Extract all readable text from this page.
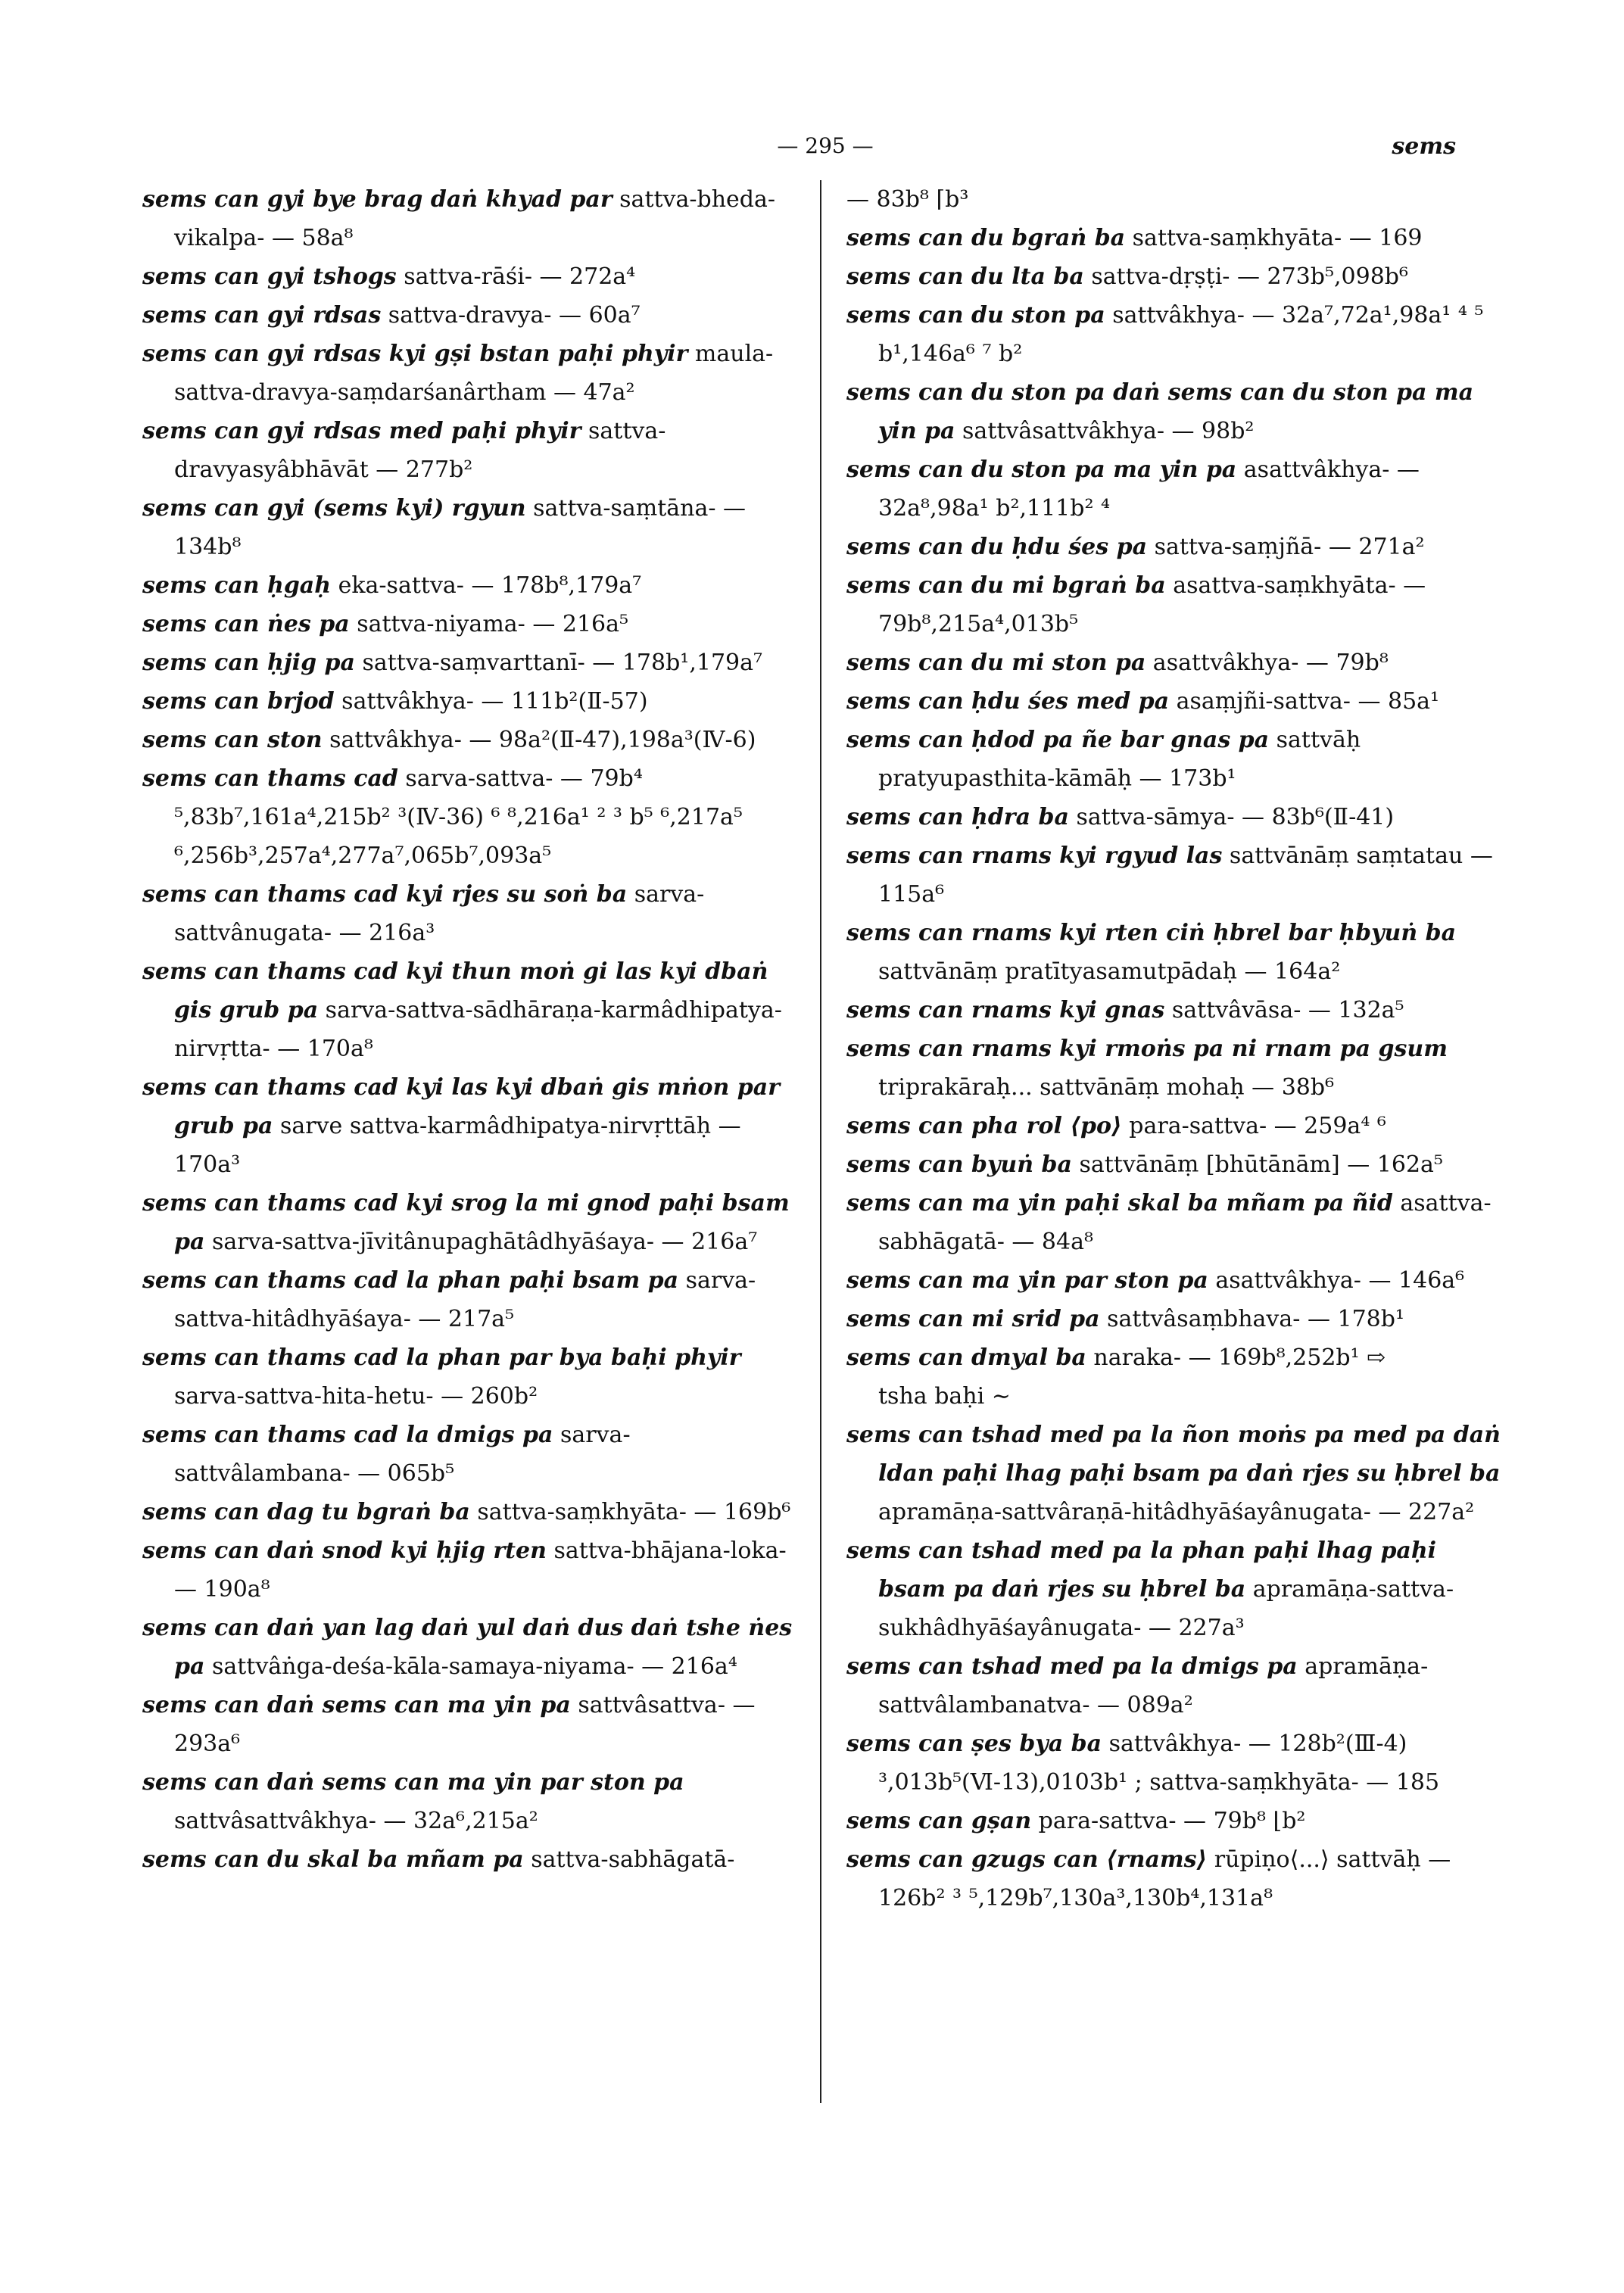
— 295 —	sems

sems can gyi bye brag daṅ khyad par sattva-bheda-vikalpa- — 58a⁸

sems can gyi tshogs sattva-rāśi- — 272a⁴

sems can gyi rdsas sattva-dravya- — 60a⁷

sems can gyi rdsas kyi gṣi bstan paḥi phyir maula-sattva-dravya-saṃdarśanârtham — 47a²

sems can gyi rdsas med paḥi phyir sattva-dravyasyâbhāvāt — 277b²

sems can gyi (sems kyi) rgyun sattva-saṃtāna- — 134b⁸

sems can ḥgaḥ eka-sattva- — 178b⁸,179a⁷

sems can ṅes pa sattva-niyama- — 216a⁵

sems can ḥjig pa sattva-saṃvarttanī- — 178b¹,179a⁷

sems can brjod sattvâkhya- — 111b²(Ⅱ-57)

sems can ston sattvâkhya- — 98a²(Ⅱ-47),198a³(Ⅳ-6)

sems can thams cad sarva-sattva- — 79b⁴ ⁵,83b⁷,161a⁴,215b² ³(Ⅳ-36) ⁶ ⁸,216a¹ ² ³ b⁵ ⁶,217a⁵ ⁶,256b³,257a⁴,277a⁷,065b⁷,093a⁵

sems can thams cad kyi rjes su soṅ ba sarva-sattvânugata- — 216a³

sems can thams cad kyi thun moṅ gi las kyi dbaṅ gis grub pa sarva-sattva-sādhāraṇa-karmâdhipatya-nirvṛtta- — 170a⁸

sems can thams cad kyi las kyi dbaṅ gis mṅon par grub pa sarve sattva-karmâdhipatya-nirvṛttāḥ — 170a³

sems can thams cad kyi srog la mi gnod paḥi bsam pa sarva-sattva-jīvitânupaghātâdhyāśaya- — 216a⁷

sems can thams cad la phan paḥi bsam pa sarva-sattva-hitâdhyāśaya- — 217a⁵

sems can thams cad la phan par bya baḥi phyir sarva-sattva-hita-hetu- — 260b²

sems can thams cad la dmigs pa sarva-sattvâlambana- — 065b⁵

sems can dag tu bgraṅ ba sattva-saṃkhyāta- — 169b⁶

sems can daṅ snod kyi ḥjig rten sattva-bhājana-loka- — 190a⁸

sems can daṅ yan lag daṅ yul daṅ dus daṅ tshe ṅes pa sattvâṅga-deśa-kāla-samaya-niyama- — 216a⁴

sems can daṅ sems can ma yin pa sattvâsattva- — 293a⁶

sems can daṅ sems can ma yin par ston pa sattvâsattvâkhya- — 32a⁶,215a²

sems can du skal ba mñam pa sattva-sabhāgatā-

— 83b⁸ ⌈b³

sems can du bgraṅ ba sattva-saṃkhyāta- — 169

sems can du lta ba sattva-dṛṣṭi- — 273b⁵,098b⁶

sems can du ston pa sattvâkhya- — 32a⁷,72a¹,98a¹ ⁴ ⁵ b¹,146a⁶ ⁷ b²

sems can du ston pa daṅ sems can du ston pa ma yin pa sattvâsattvâkhya- — 98b²

sems can du ston pa ma yin pa asattvâkhya- — 32a⁸,98a¹ b²,111b² ⁴

sems can du ḥdu śes pa sattva-saṃjñā- — 271a²

sems can du mi bgraṅ ba asattva-saṃkhyāta- — 79b⁸,215a⁴,013b⁵

sems can du mi ston pa asattvâkhya- — 79b⁸

sems can ḥdu śes med pa asaṃjñi-sattva- — 85a¹

sems can ḥdod pa ñe bar gnas pa sattvāḥ pratyupasthita-kāmāḥ — 173b¹

sems can ḥdra ba sattva-sāmya- — 83b⁶(Ⅱ-41)

sems can rnams kyi rgyud las sattvānāṃ saṃtatau — 115a⁶

sems can rnams kyi rten ciṅ ḥbrel bar ḥbyuṅ ba sattvānāṃ pratītyasamutpādaḥ — 164a²

sems can rnams kyi gnas sattvâvāsa- — 132a⁵

sems can rnams kyi rmoṅs pa ni rnam pa gsum triprakāraḥ... sattvānāṃ mohaḥ — 38b⁶

sems can pha rol ⟨po⟩ para-sattva- — 259a⁴ ⁶

sems can byuṅ ba sattvānāṃ [bhūtānām] — 162a⁵

sems can ma yin paḥi skal ba mñam pa ñid asattva-sabhāgatā- — 84a⁸

sems can ma yin par ston pa asattvâkhya- — 146a⁶

sems can mi srid pa sattvâsaṃbhava- — 178b¹

sems can dmyal ba naraka- — 169b⁸,252b¹ ⇨
tsha baḥi ∼

sems can tshad med pa la ñon moṅs pa med pa daṅ ldan paḥi lhag paḥi bsam pa daṅ rjes su ḥbrel ba apramāṇa-sattvâraṇā-hitâdhyāśayânugata- — 227a²

sems can tshad med pa la phan paḥi lhag paḥi bsam pa daṅ rjes su ḥbrel ba apramāṇa-sattva-sukhâdhyāśayânugata- — 227a³

sems can tshad med pa la dmigs pa apramāṇa-sattvâlambanatva- — 089a²

sems can ṣes bya ba sattvâkhya- — 128b²(Ⅲ-4) ³,013b⁵(Ⅵ-13),0103b¹ ; sattva-saṃkhyāta- — 185

sems can gṣan para-sattva- — 79b⁸ ⌊b²

sems can gzugs can ⟨rnams⟩ rūpiṇo⟨...⟩ sattvāḥ — 126b² ³ ⁵,129b⁷,130a³,130b⁴,131a⁸
